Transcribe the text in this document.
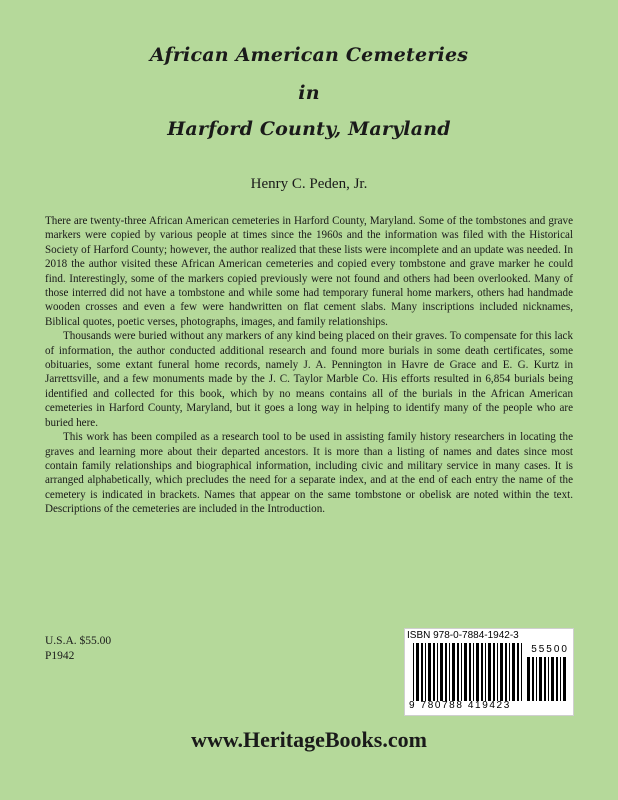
African American Cemeteries
in
Harford County, Maryland
Henry C. Peden, Jr.

There are twenty-three African American cemeteries in Harford County, Maryland. Some of the tombstones and grave markers were copied by various people at times since the 1960s and the information was filed with the Historical Society of Harford County; however, the author realized that these lists were incomplete and an update was needed. In 2018 the author visited these African American cemeteries and copied every tombstone and grave marker he could find. Interestingly, some of the markers copied previously were not found and others had been overlooked. Many of those interred did not have a tombstone and while some had temporary funeral home markers, others had handmade wooden crosses and even a few were handwritten on flat cement slabs. Many inscriptions included nicknames, Biblical quotes, poetic verses, photographs, images, and family relationships.

Thousands were buried without any markers of any kind being placed on their graves. To compensate for this lack of information, the author conducted additional research and found more burials in some death certificates, some obituaries, some extant funeral home records, namely J. A. Pennington in Havre de Grace and E. G. Kurtz in Jarrettsville, and a few monuments made by the J. C. Taylor Marble Co. His efforts resulted in 6,854 burials being identified and collected for this book, which by no means contains all of the burials in the African American cemeteries in Harford County, Maryland, but it goes a long way in helping to identify many of the people who are buried here.

This work has been compiled as a research tool to be used in assisting family history researchers in locating the graves and learning more about their departed ancestors. It is more than a listing of names and dates since most contain family relationships and biographical information, including civic and military service in many cases. It is arranged alphabetically, which precludes the need for a separate index, and at the end of each entry the name of the cemetery is indicated in brackets. Names that appear on the same tombstone or obelisk are noted within the text. Descriptions of the cemeteries are included in the Introduction.

U.S.A. $55.00
P1942
ISBN 978-0-7884-1942-3
55500
9 780788 419423
www.HeritageBooks.com
